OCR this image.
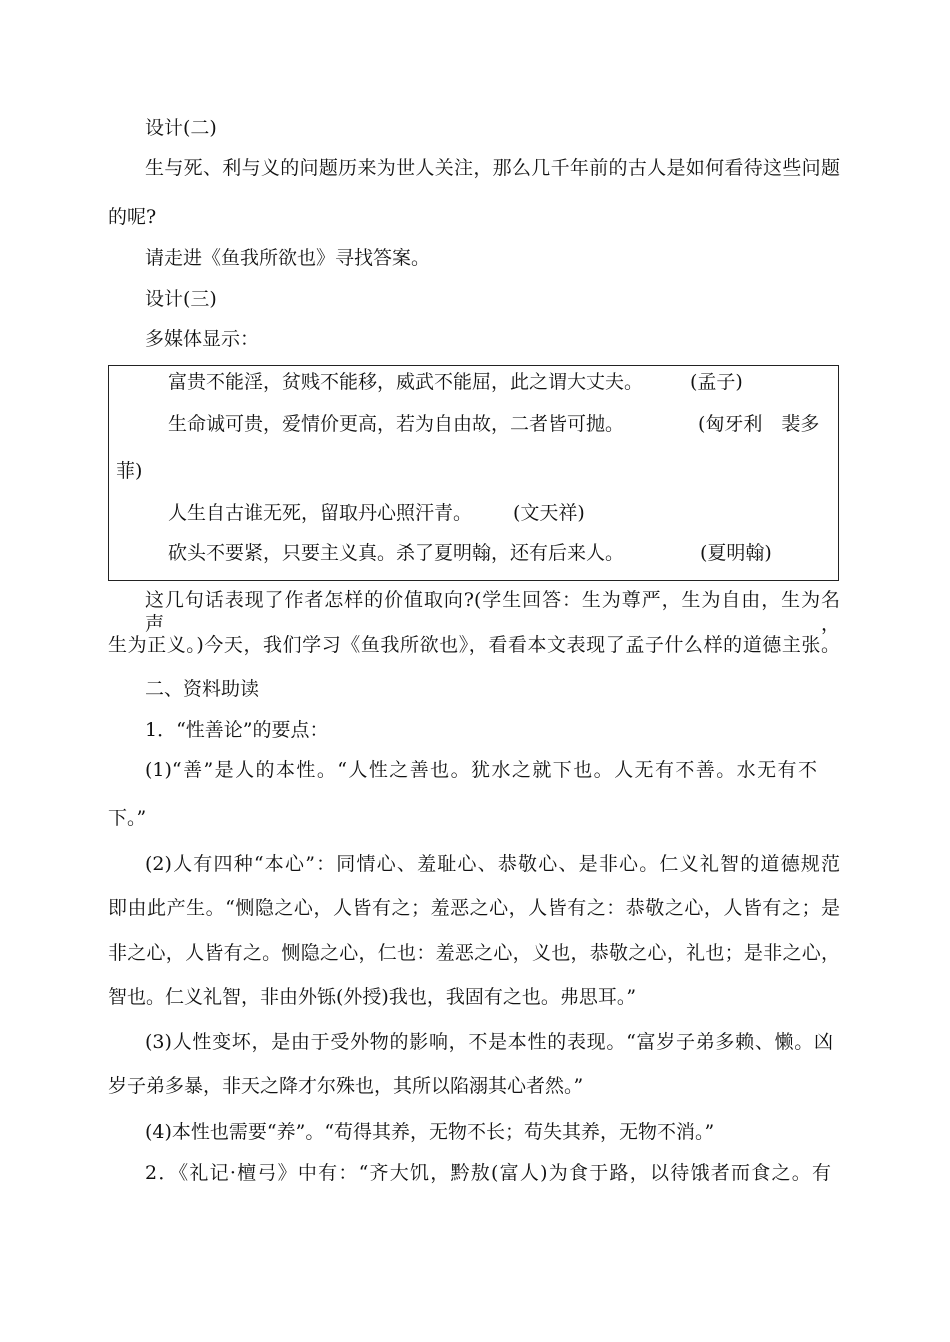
设计(二)
生与死、利与义的问题历来为世人关注，那么几千年前的古人是如何看待这些问题
的呢?
请走进《鱼我所欲也》寻找答案。
设计(三)
多媒体显示：
富贵不能淫，贫贱不能移，威武不能屈，此之谓大丈夫。 (孟子)
生命诚可贵，爱情价更高，若为自由故，二者皆可抛。	(匈牙利　裴多
菲)
人生自古谁无死，留取丹心照汗青。 (文天祥)
砍头不要紧，只要主义真。杀了夏明翰，还有后来人。	(夏明翰)
这几句话表现了作者怎样的价值取向?(学生回答：生为尊严，生为自由，生为名声，
生为正义。)今天，我们学习《鱼我所欲也》，看看本文表现了孟子什么样的道德主张。
二、资料助读
1．“性善论”的要点：
(1)“善”是人的本性。“人性之善也。犹水之就下也。人无有不善。水无有不
下。”
(2)人有四种“本心”：同情心、羞耻心、恭敬心、是非心。仁义礼智的道德规范
即由此产生。“恻隐之心，人皆有之；羞恶之心，人皆有之：恭敬之心，人皆有之；是
非之心，人皆有之。恻隐之心，仁也：羞恶之心，义也，恭敬之心，礼也；是非之心，
智也。仁义礼智，非由外铄(外授)我也，我固有之也。弗思耳。”
(3)人性变坏，是由于受外物的影响，不是本性的表现。“富岁子弟多赖、懒。凶
岁子弟多暴，非天之降才尔殊也，其所以陷溺其心者然。”
(4)本性也需要“养”。“苟得其养，无物不长；苟失其养，无物不消。”
2．《礼记·檀弓》中有：“齐大饥，黔敖(富人)为食于路，以待饿者而食之。有
